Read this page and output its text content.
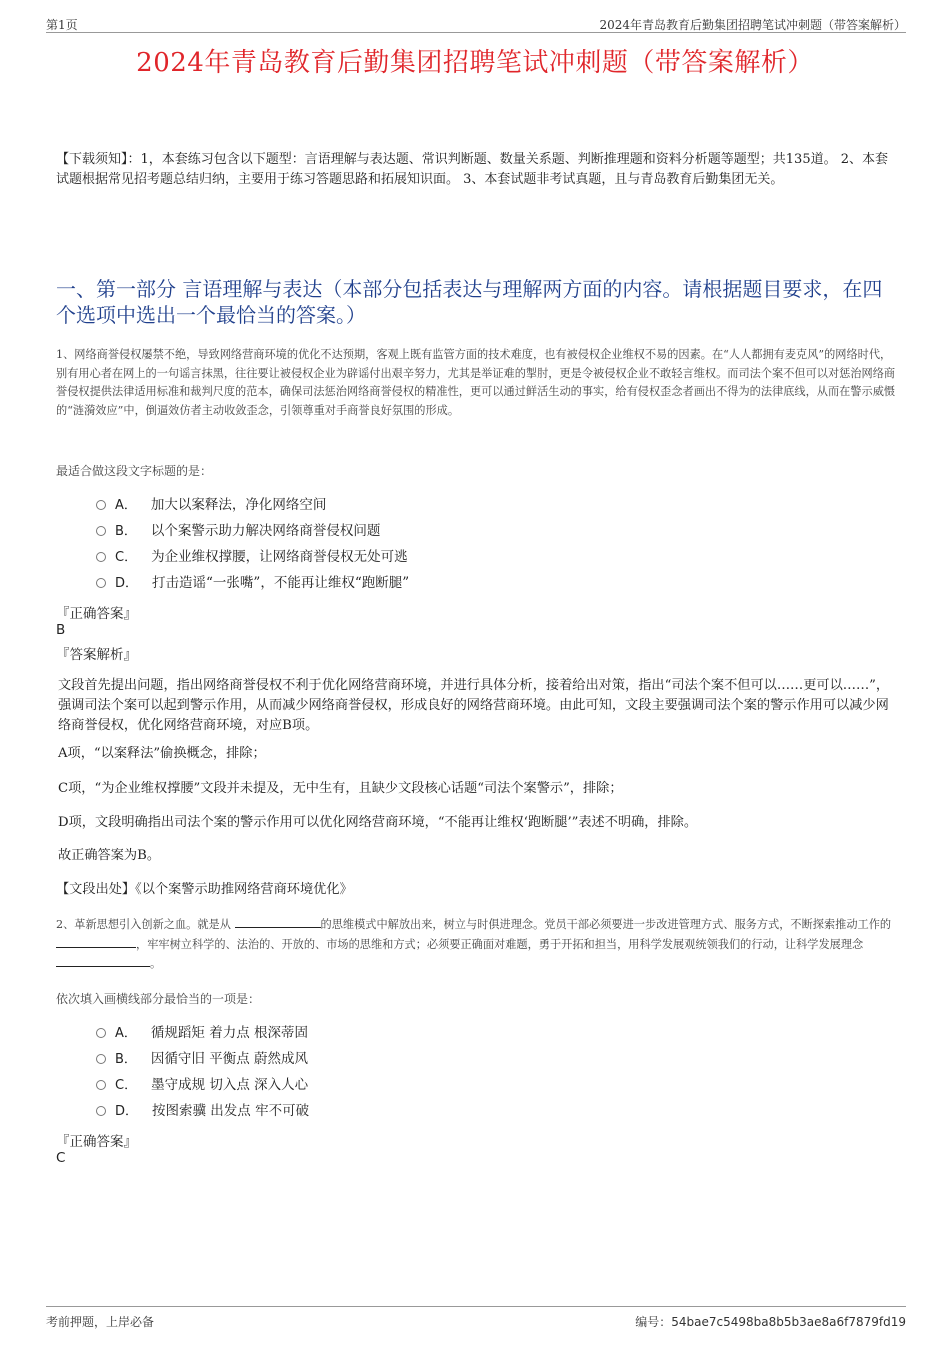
第1页	2024年青岛教育后勤集团招聘笔试冲刺题（带答案解析）
2024年青岛教育后勤集团招聘笔试冲刺题（带答案解析）
【下载须知】：1，本套练习包含以下题型：言语理解与表达题、常识判断题、数量关系题、判断推理题和资料分析题等题型；共135道。 2、本套试题根据常见招考题总结归纳，主要用于练习答题思路和拓展知识面。 3、本套试题非考试真题，且与青岛教育后勤集团无关。
一、第一部分 言语理解与表达（本部分包括表达与理解两方面的内容。请根据题目要求，在四个选项中选出一个最恰当的答案。）
1、网络商誉侵权屡禁不绝，导致网络营商环境的优化不达预期，客观上既有监管方面的技术难度，也有被侵权企业维权不易的因素。在“人人都拥有麦克风”的网络时代，别有用心者在网上的一句谣言抹黑，往往要让被侵权企业为辟谣付出艰辛努力，尤其是举证难的掣肘，更是令被侵权企业不敢轻言维权。而司法个案不但可以对惩治网络商誉侵权提供法律适用标准和裁判尺度的范本，确保司法惩治网络商誉侵权的精准性，更可以通过鲜活生动的事实，给有侵权歪念者画出不得为的法律底线，从而在警示威慑的“涟漪效应”中，倒逼效仿者主动收敛歪念，引领尊重对手商誉良好氛围的形成。
最适合做这段文字标题的是：
A． 加大以案释法，净化网络空间
B． 以个案警示助力解决网络商誉侵权问题
C． 为企业维权撑腰，让网络商誉侵权无处可逃
D． 打击造谣“一张嘴”，不能再让维权“跑断腿”
『正确答案』
B
『答案解析』
文段首先提出问题，指出网络商誉侵权不利于优化网络营商环境，并进行具体分析，接着给出对策，指出“司法个案不但可以……更可以……”，强调司法个案可以起到警示作用，从而减少网络商誉侵权，形成良好的网络营商环境。由此可知，文段主要强调司法个案的警示作用可以减少网络商誉侵权，优化网络营商环境，对应B项。
A项，“以案释法”偷换概念，排除；
C项，“为企业维权撑腰”文段并未提及，无中生有，且缺少文段核心话题“司法个案警示”，排除；
D项，文段明确指出司法个案的警示作用可以优化网络营商环境，“不能再让维权‘跑断腿’”表述不明确，排除。
故正确答案为B。
【文段出处】《以个案警示助推网络营商环境优化》
2、革新思想引入创新之血。就是从	的思维模式中解放出来，树立与时俱进理念。党员干部必须要进一步改进管理方式、服务方式，不断探索推动工作的 ，牢牢树立科学的、法治的、开放的、市场的思维和方式；必须要正确面对难题，勇于开拓和担当，用科学发展观统领我们的行动，让科学发展理念 。
依次填入画横线部分最恰当的一项是：
A． 循规蹈矩 着力点 根深蒂固
B． 因循守旧 平衡点 蔚然成风
C． 墨守成规 切入点 深入人心
D． 按图索骥 出发点 牢不可破
『正确答案』
C
考前押题，上岸必备	编号：54bae7c5498ba8b5b3ae8a6f7879fd19
